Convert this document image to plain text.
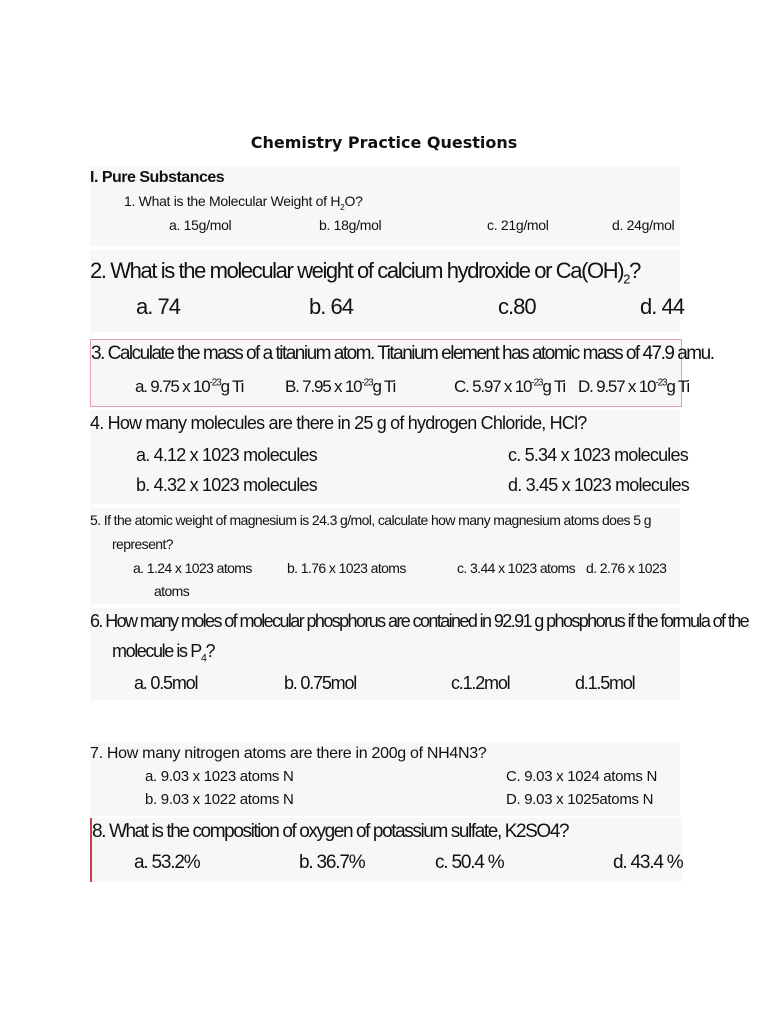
Chemistry Practice Questions
I. Pure Substances
1. What is the Molecular Weight of $H_2O$?
a. 15g/mol	b. 18g/mol	c. 21g/mol	d. 24g/mol
2. What is the molecular weight of calcium hydroxide or $Ca(OH)_2$?
a. 74	b. 64	c.80	d. 44
3. Calculate the mass of a titanium atom. Titanium element has atomic mass of 47.9 amu.
a. 9.75 x $10^{-23}g$ Ti B. 7.95 x $10^{-23}g$ Ti	C. 5.97 x $10^{-23}g$ Ti D. 9.57 x $10^{-23}g$ Ti
4. How many molecules are there in 25 g of hydrogen Chloride, HCl?
a. 4.12 x 1023 molecules	c. 5.34 x 1023 molecules
b. 4.32 x 1023 molecules	d. 3.45 x 1023 molecules
5. If the atomic weight of magnesium is 24.3 g/mol, calculate how many magnesium atoms does 5 g
represent?
a. 1.24 x 1023 atoms	b. 1.76 x 1023 atoms	c. 3.44 x 1023 atoms d. 2.76 x 1023
atoms
6. How many moles of molecular phosphorus are contained in 92.91 g phosphorus if the formula of the
molecule is $P_4$?
a. 0.5mol	b. 0.75mol	c.1.2mol	d.1.5mol
7. How many nitrogen atoms are there in 200g of NH4N3?
a. 9.03 x 1023 atoms N	C. 9.03 x 1024 atoms N
b. 9.03 x 1022 atoms N	D. 9.03 x 1025atoms N
8. What is the composition of oxygen of potassium sulfate, K2SO4?
a. 53.2%	b. 36.7%	c. 50.4 %	d. 43.4 %
